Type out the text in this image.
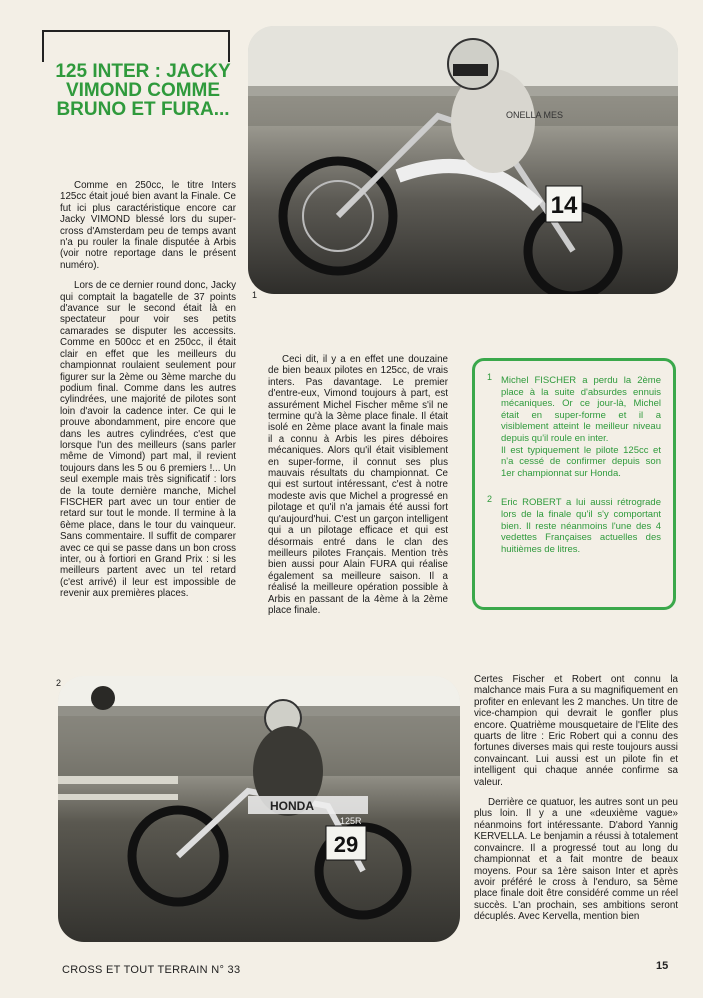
125 INTER : JACKY VIMOND COMME BRUNO ET FURA...
14
ONELLA MES
1

Comme en 250cc, le titre Inters 125cc était joué bien avant la Finale. Ce fut ici plus caractéristique encore car Jacky VIMOND blessé lors du super-cross d'Amsterdam peu de temps avant n'a pu rouler la finale disputée à Arbis (voir notre reportage dans le présent numéro).

Lors de ce dernier round donc, Jacky qui comptait la bagatelle de 37 points d'avance sur le second était là en spectateur pour voir ses petits camarades se disputer les accessits. Comme en 500cc et en 250cc, il était clair en effet que les meilleurs du championnat roulaient seulement pour figurer sur la 2ème ou 3ème marche du podium final. Comme dans les autres cylindrées, une majorité de pilotes sont loin d'avoir la cadence inter. Ce qui le prouve abondamment, pire encore que dans les autres cylindrées, c'est que lorsque l'un des meilleurs (sans parler même de Vimond) part mal, il revient toujours dans les 5 ou 6 premiers !... Un seul exemple mais très significatif : lors de la toute dernière manche, Michel FISCHER part avec un tour entier de retard sur tout le monde. Il termine à la 6ème place, dans le tour du vainqueur. Sans commentaire. Il suffit de comparer avec ce qui se passe dans un bon cross inter, ou à fortiori en Grand Prix : si les meilleurs partent avec un tel retard (c'est arrivé) il leur est impossible de revenir aux premières places.

Ceci dit, il y a en effet une douzaine de bien beaux pilotes en 125cc, de vrais inters. Pas davantage. Le premier d'entre-eux, Vimond toujours à part, est assurément Michel Fischer même s'il ne termine qu'à la 3ème place finale. Il était isolé en 2ème place avant la finale mais il a connu à Arbis les pires déboires mécaniques. Alors qu'il était visiblement en super-forme, il connut ses plus mauvais résultats du championnat. Ce qui est surtout intéressant, c'est à notre modeste avis que Michel a progressé en pilotage et qu'il n'a jamais été aussi fort qu'aujourd'hui. C'est un garçon intelligent qui a un pilotage efficace et qui est désormais entré dans le clan des meilleurs pilotes Français. Mention très bien aussi pour Alain FURA qui réalise également sa meilleure saison. Il a réalisé la meilleure opération possible à Arbis en passant de la 4ème à la 2ème place finale.

1 Michel FISCHER a perdu la 2ème place à la suite d'absurdes ennuis mécaniques. Or ce jour-là, Michel était en super-forme et il a visiblement atteint le meilleur niveau depuis qu'il roule en inter.
Il est typiquement le pilote 125cc et n'a cessé de confirmer depuis son 1er championnat sur Honda.
2 Eric ROBERT a lui aussi rétrograde lors de la finale qu'il s'y comportant bien. Il reste néanmoins l'une des 4 vedettes Françaises actuelles des huitièmes de litres.
2
HONDA
125R
29

Certes Fischer et Robert ont connu la malchance mais Fura a su magnifiquement en profiter en enlevant les 2 manches. Un titre de vice-champion qui devrait le gonfler plus encore. Quatrième mousquetaire de l'Elite des quarts de litre : Eric Robert qui a connu des fortunes diverses mais qui reste toujours aussi convaincant. Lui aussi est un pilote fin et intelligent qui chaque année confirme sa valeur.

Derrière ce quatuor, les autres sont un peu plus loin. Il y a une «deuxième vague» néanmoins fort intéressante. D'abord Yannig KERVELLA. Le benjamin a réussi à totalement convaincre. Il a progressé tout au long du championnat et a fait montre de beaux moyens. Pour sa 1ère saison Inter et après avoir préféré le cross à l'enduro, sa 5ème place finale doit être considéré comme un réel succès. L'an prochain, ses ambitions seront décuplés. Avec Kervella, mention bien

CROSS ET TOUT TERRAIN N° 33	15
